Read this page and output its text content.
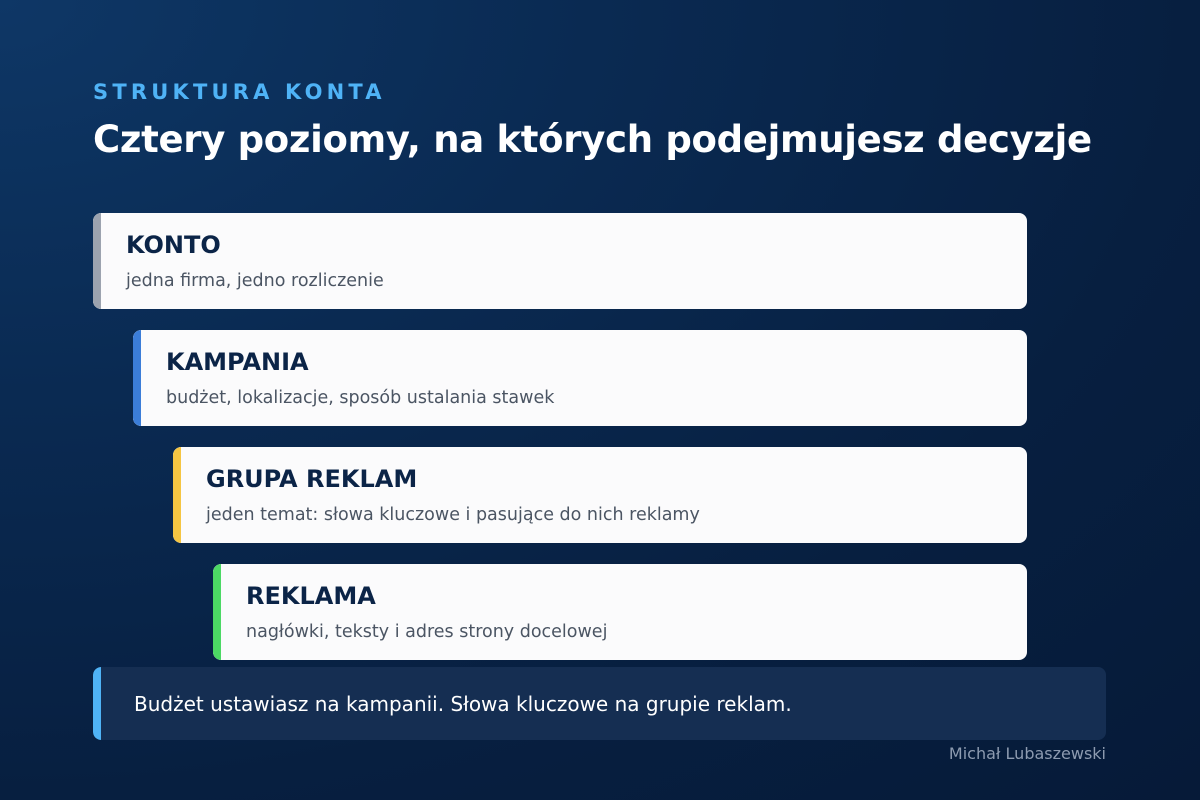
STRUKTURA KONTA
Cztery poziomy, na których podejmujesz decyzje
KONTO
jedna firma, jedno rozliczenie
KAMPANIA
budżet, lokalizacje, sposób ustalania stawek
GRUPA REKLAM
jeden temat: słowa kluczowe i pasujące do nich reklamy
REKLAMA
nagłówki, teksty i adres strony docelowej
Budżet ustawiasz na kampanii. Słowa kluczowe na grupie reklam.
Michał Lubaszewski
